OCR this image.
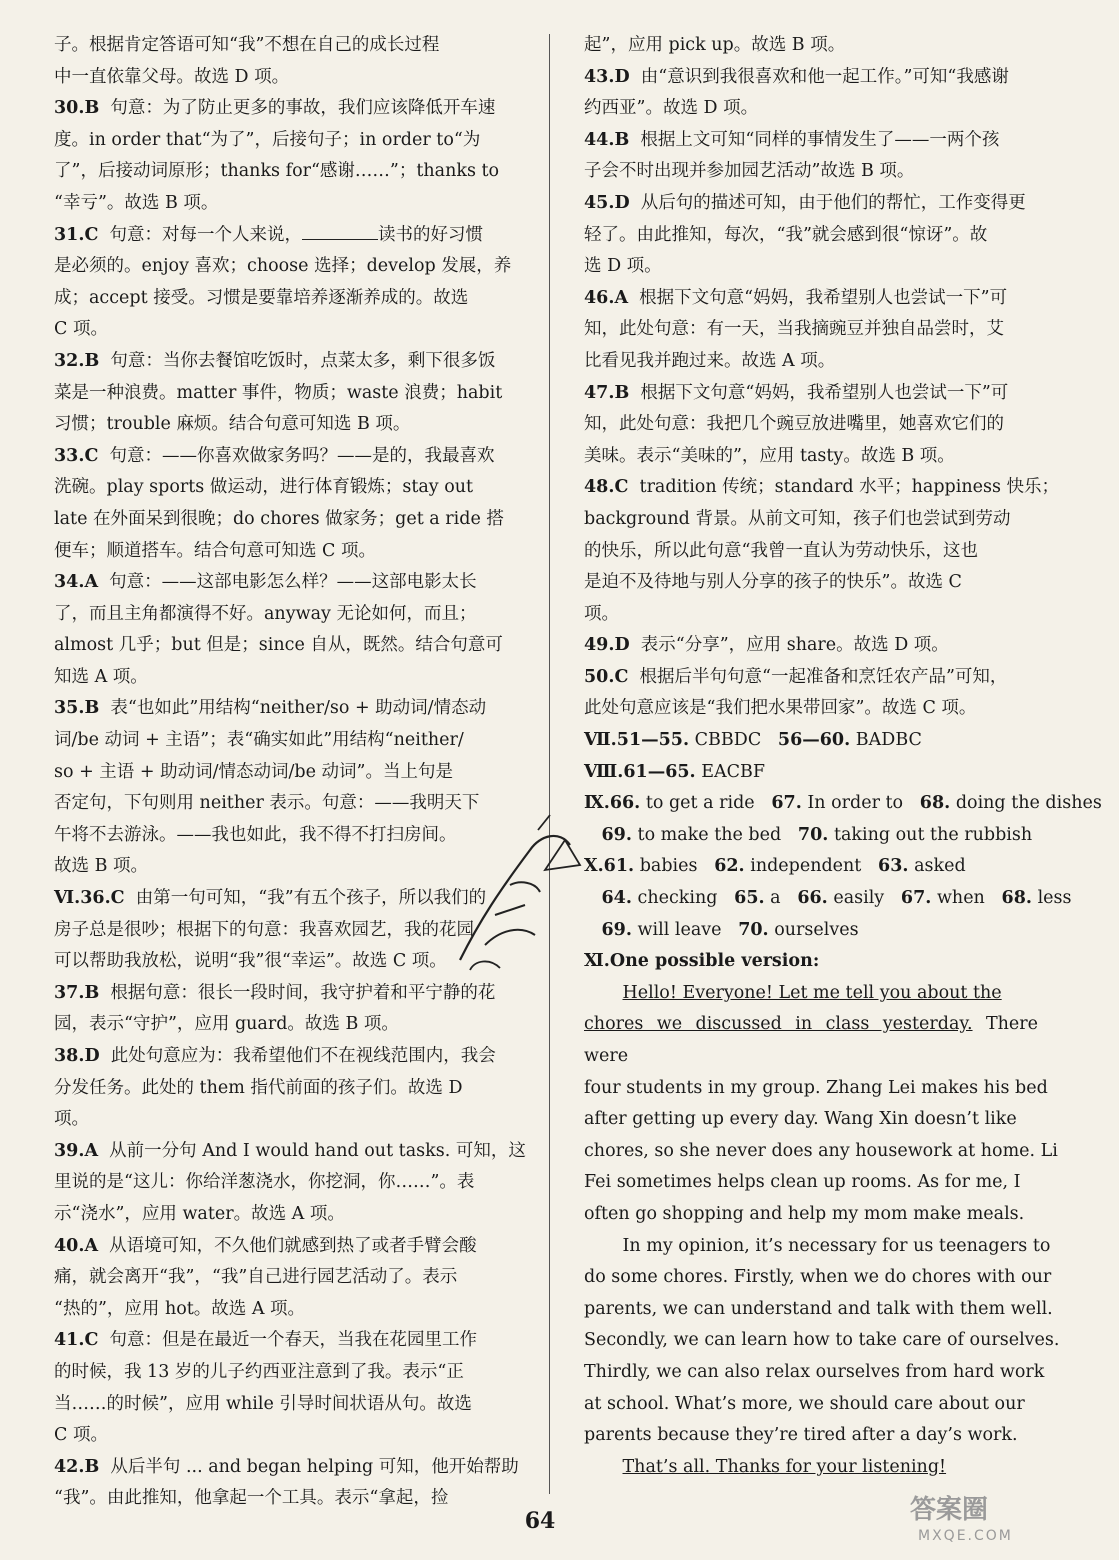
子。根据肯定答语可知“我”不想在自己的成长过程
中一直依靠父母。故选 D 项。
30.B 句意：为了防止更多的事故，我们应该降低开车速
度。in order that“为了”，后接句子；in order to“为
了”，后接动词原形；thanks for“感谢……”；thanks to
“幸亏”。故选 B 项。
31.C 句意：对每一个人来说，	读书的好习惯
是必须的。enjoy 喜欢；choose 选择；develop 发展，养
成；accept 接受。习惯是要靠培养逐渐养成的。故选
C 项。
32.B 句意：当你去餐馆吃饭时，点菜太多，剩下很多饭
菜是一种浪费。matter 事件，物质；waste 浪费；habit
习惯；trouble 麻烦。结合句意可知选 B 项。
33.C 句意：——你喜欢做家务吗？——是的，我最喜欢
洗碗。play sports 做运动，进行体育锻炼；stay out
late 在外面呆到很晚；do chores 做家务；get a ride 搭
便车；顺道搭车。结合句意可知选 C 项。
34.A 句意：——这部电影怎么样？——这部电影太长
了，而且主角都演得不好。anyway 无论如何，而且；
almost 几乎；but 但是；since 自从，既然。结合句意可
知选 A 项。
35.B 表“也如此”用结构“neither/so + 助动词/情态动
词/be 动词 + 主语”；表“确实如此”用结构“neither/
so + 主语 + 助动词/情态动词/be 动词”。当上句是
否定句，下句则用 neither 表示。句意：——我明天下
午将不去游泳。——我也如此，我不得不打扫房间。
故选 B 项。
Ⅵ.36.C 由第一句可知，“我”有五个孩子，所以我们的
房子总是很吵；根据下的句意：我喜欢园艺，我的花园
可以帮助我放松，说明“我”很“幸运”。故选 C 项。
37.B 根据句意：很长一段时间，我守护着和平宁静的花
园，表示“守护”，应用 guard。故选 B 项。
38.D 此处句意应为：我希望他们不在视线范围内，我会
分发任务。此处的 them 指代前面的孩子们。故选 D
项。
39.A 从前一分句 And I would hand out tasks. 可知，这
里说的是“这儿：你给洋葱浇水，你挖洞，你……”。表
示“浇水”，应用 water。故选 A 项。
40.A 从语境可知，不久他们就感到热了或者手臂会酸
痛，就会离开“我”，“我”自己进行园艺活动了。表示
“热的”，应用 hot。故选 A 项。
41.C 句意：但是在最近一个春天，当我在花园里工作
的时候，我 13 岁的儿子约西亚注意到了我。表示“正
当……的时候”，应用 while 引导时间状语从句。故选
C 项。
42.B 从后半句 ... and began helping 可知，他开始帮助
“我”。由此推知，他拿起一个工具。表示“拿起，捡
起”，应用 pick up。故选 B 项。
43.D 由“意识到我很喜欢和他一起工作。”可知“我感谢
约西亚”。故选 D 项。
44.B 根据上文可知“同样的事情发生了——一两个孩
子会不时出现并参加园艺活动”故选 B 项。
45.D 从后句的描述可知，由于他们的帮忙，工作变得更
轻了。由此推知，每次，“我”就会感到很“惊讶”。故
选 D 项。
46.A 根据下文句意“妈妈，我希望别人也尝试一下”可
知，此处句意：有一天，当我摘豌豆并独自品尝时，艾
比看见我并跑过来。故选 A 项。
47.B 根据下文句意“妈妈，我希望别人也尝试一下”可
知，此处句意：我把几个豌豆放进嘴里，她喜欢它们的
美味。表示“美味的”，应用 tasty。故选 B 项。
48.C tradition 传统；standard 水平；happiness 快乐；
background 背景。从前文可知，孩子们也尝试到劳动
的快乐，所以此句意“我曾一直认为劳动快乐，这也
是迫不及待地与别人分享的孩子的快乐”。故选 C
项。
49.D 表示“分享”，应用 share。故选 D 项。
50.C 根据后半句句意“一起准备和烹饪农产品”可知，
此处句意应该是“我们把水果带回家”。故选 C 项。
Ⅶ.51—55. CBBDC 56—60. BADBC
Ⅷ.61—65. EACBF
Ⅸ.66. to get a ride 67. In order to 68. doing the dishes
 69. to make the bed 70. taking out the rubbish
Ⅹ.61. babies 62. independent 63. asked
 64. checking 65. a 66. easily 67. when 68. less
 69. will leave 70. ourselves
Ⅺ.One possible version:

Hello! Everyone! Let me tell you about the

chores we discussed in class yesterday. There were
four students in my group. Zhang Lei makes his bed
after getting up every day. Wang Xin doesn’t like
chores, so she never does any housework at home. Li
Fei sometimes helps clean up rooms. As for me, I
often go shopping and help my mom make meals.
In my opinion, it’s necessary for us teenagers to
do some chores. Firstly, when we do chores with our
parents, we can understand and talk with them well.
Secondly, we can learn how to take care of ourselves.
Thirdly, we can also relax ourselves from hard work
at school. What’s more, we should care about our
parents because they’re tired after a day’s work.

That’s all. Thanks for your listening!

64	答案圈
MXQE.COM
